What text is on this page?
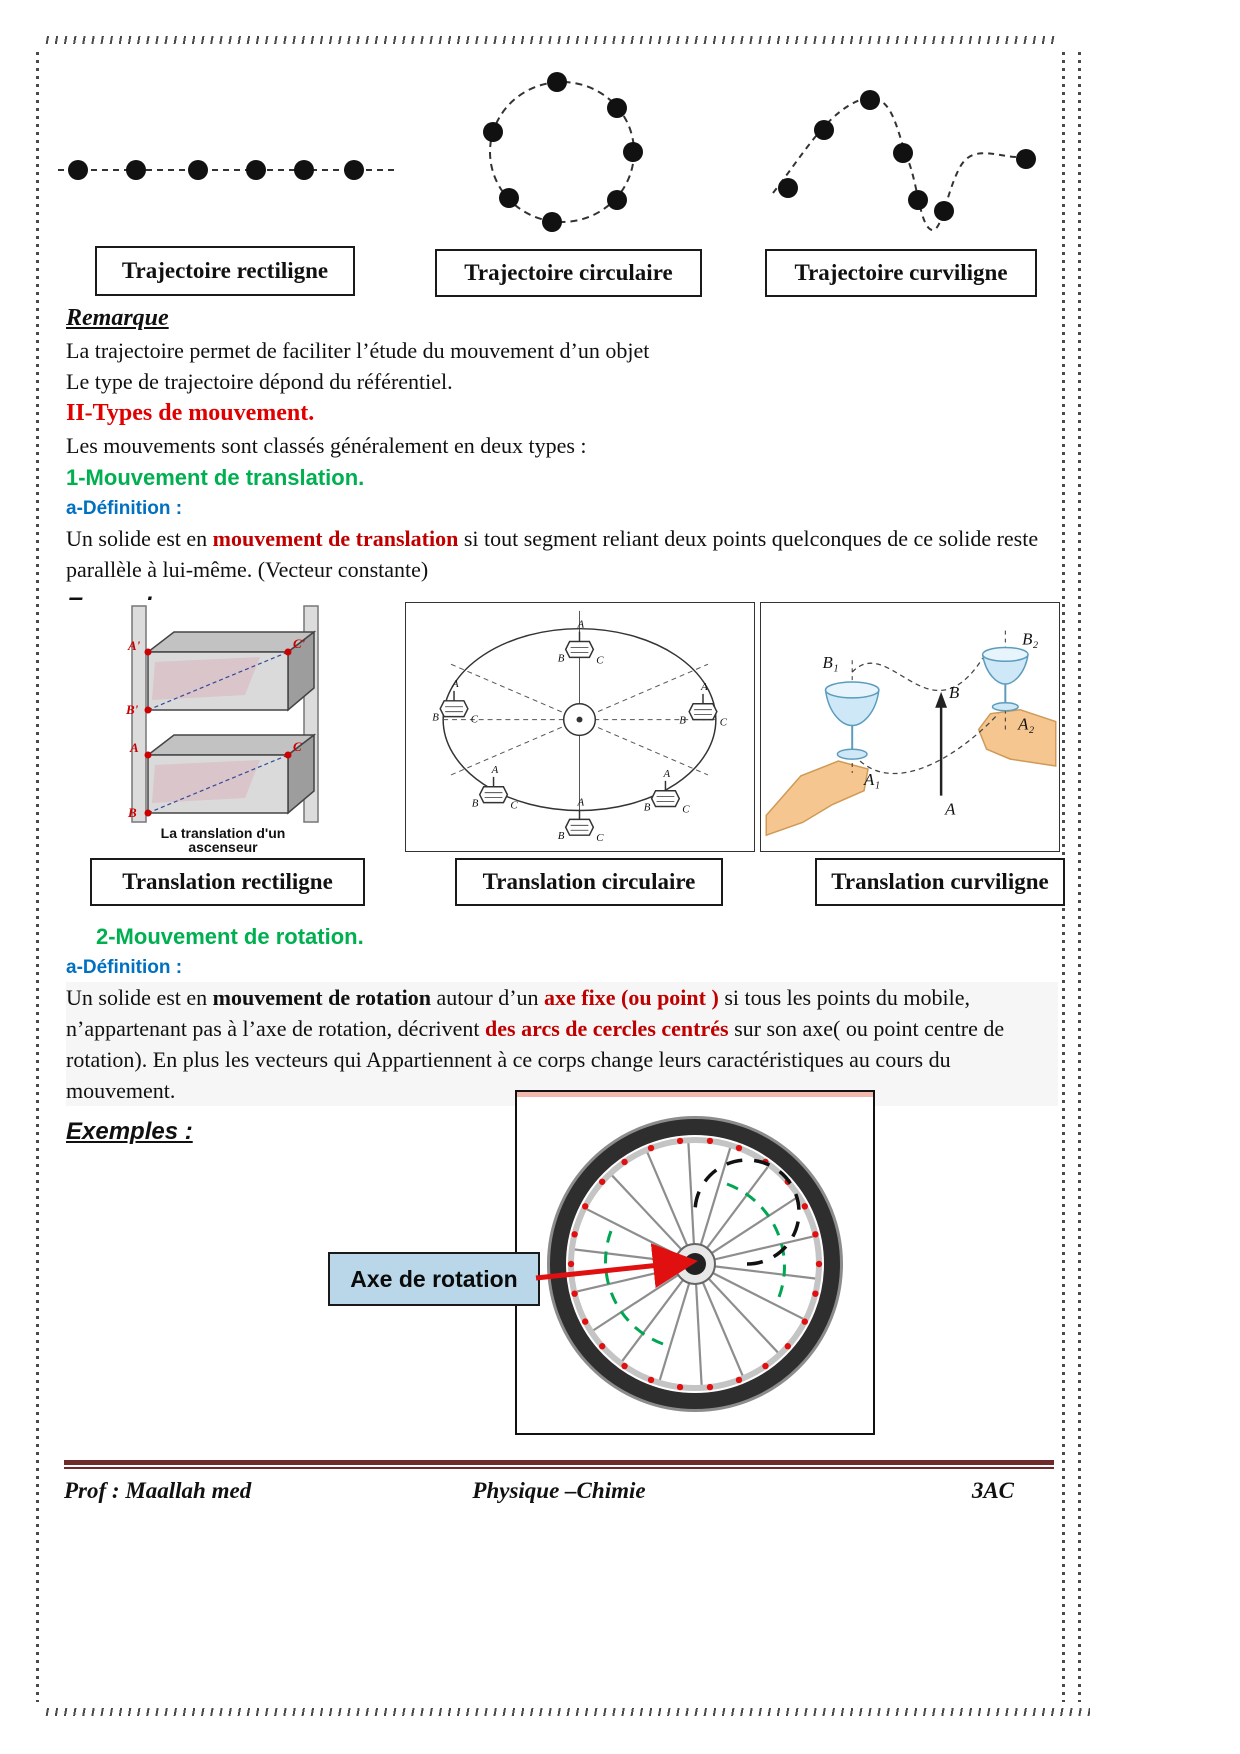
Trajectoire rectiligne	Trajectoire circulaire	Trajectoire curviligne
Remarque
La trajectoire permet de faciliter l’étude du mouvement d’un objet
Le type de trajectoire dépond du référentiel.
II-Types de mouvement.
Les mouvements sont classés généralement en deux types :
1-Mouvement de translation.
a-Définition :
Un solide est en mouvement de translation si tout segment reliant deux points quelconques de ce solide reste parallèle à lui-même. (Vecteur constante)
A'	C'
B'
A	C
B
La translation d'un
ascenseur
A
B	C
A
B	C
A
B	C
A
B	C
A
B	C
A
B	C
B₁
A₁
B₂
A₂
B
A
Translation rectiligne	Translation circulaire	Translation curviligne
2-Mouvement de rotation.
a-Définition :
Un solide est en mouvement de rotation autour d’un axe fixe (ou point ) si tous les points du mobile, n’appartenant pas à l’axe de rotation, décrivent des arcs de cercles centrés sur son axe( ou point centre de rotation). En plus les vecteurs qui Appartiennent à ce corps change leurs caractéristiques au cours du mouvement.
Exemples :
Axe de rotation
Prof : Maallah med	Physique –Chimie	3AC
